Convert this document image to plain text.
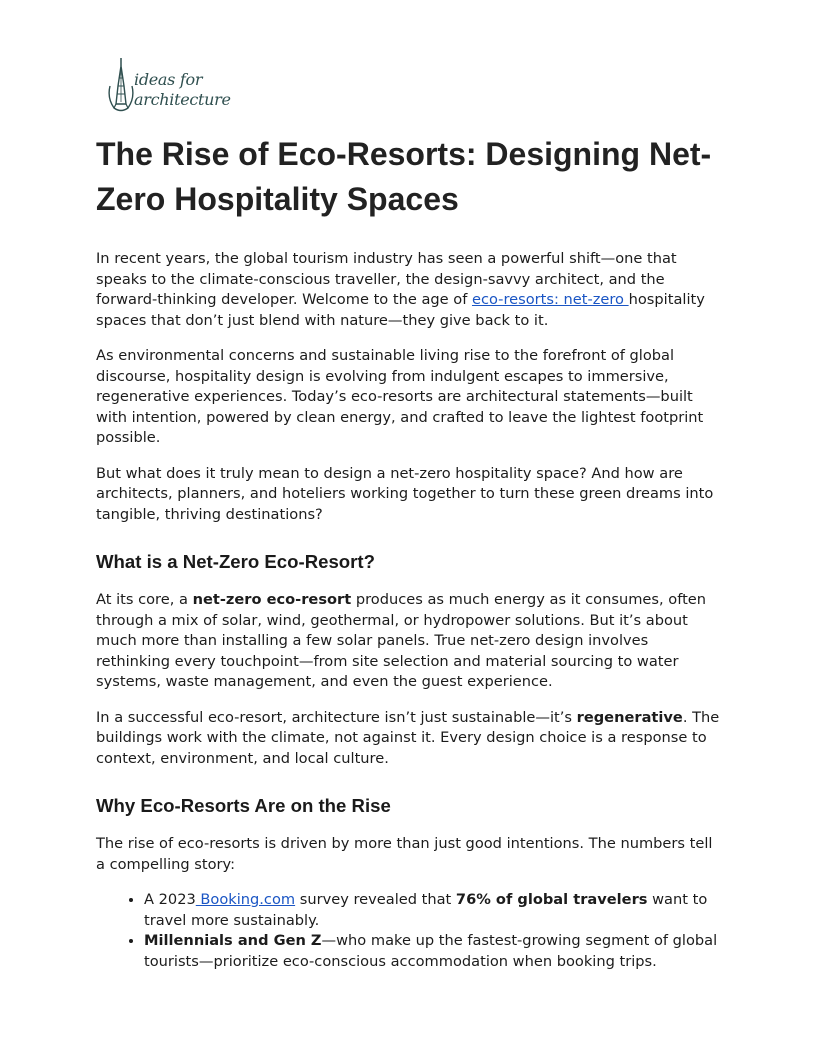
ideas for
architecture
The Rise of Eco-Resorts: Designing Net-Zero Hospitality Spaces

In recent years, the global tourism industry has seen a powerful shift—one that speaks to the climate-conscious traveller, the design-savvy architect, and the forward-thinking developer. Welcome to the age of eco-resorts: net-zero hospitality spaces that don’t just blend with nature—they give back to it.

As environmental concerns and sustainable living rise to the forefront of global discourse, hospitality design is evolving from indulgent escapes to immersive, regenerative experiences. Today’s eco-resorts are architectural statements—built with intention, powered by clean energy, and crafted to leave the lightest footprint possible.

But what does it truly mean to design a net-zero hospitality space? And how are architects, planners, and hoteliers working together to turn these green dreams into tangible, thriving destinations?

What is a Net-Zero Eco-Resort?

At its core, a net-zero eco-resort produces as much energy as it consumes, often through a mix of solar, wind, geothermal, or hydropower solutions. But it’s about much more than installing a few solar panels. True net-zero design involves rethinking every touchpoint—from site selection and material sourcing to water systems, waste management, and even the guest experience.

In a successful eco-resort, architecture isn’t just sustainable—it’s regenerative. The buildings work with the climate, not against it. Every design choice is a response to context, environment, and local culture.

Why Eco-Resorts Are on the Rise

The rise of eco-resorts is driven by more than just good intentions. The numbers tell a compelling story:

• A 2023 Booking.com survey revealed that 76% of global travelers want to travel more sustainably.
• Millennials and Gen Z—who make up the fastest-growing segment of global tourists—prioritize eco-conscious accommodation when booking trips.
